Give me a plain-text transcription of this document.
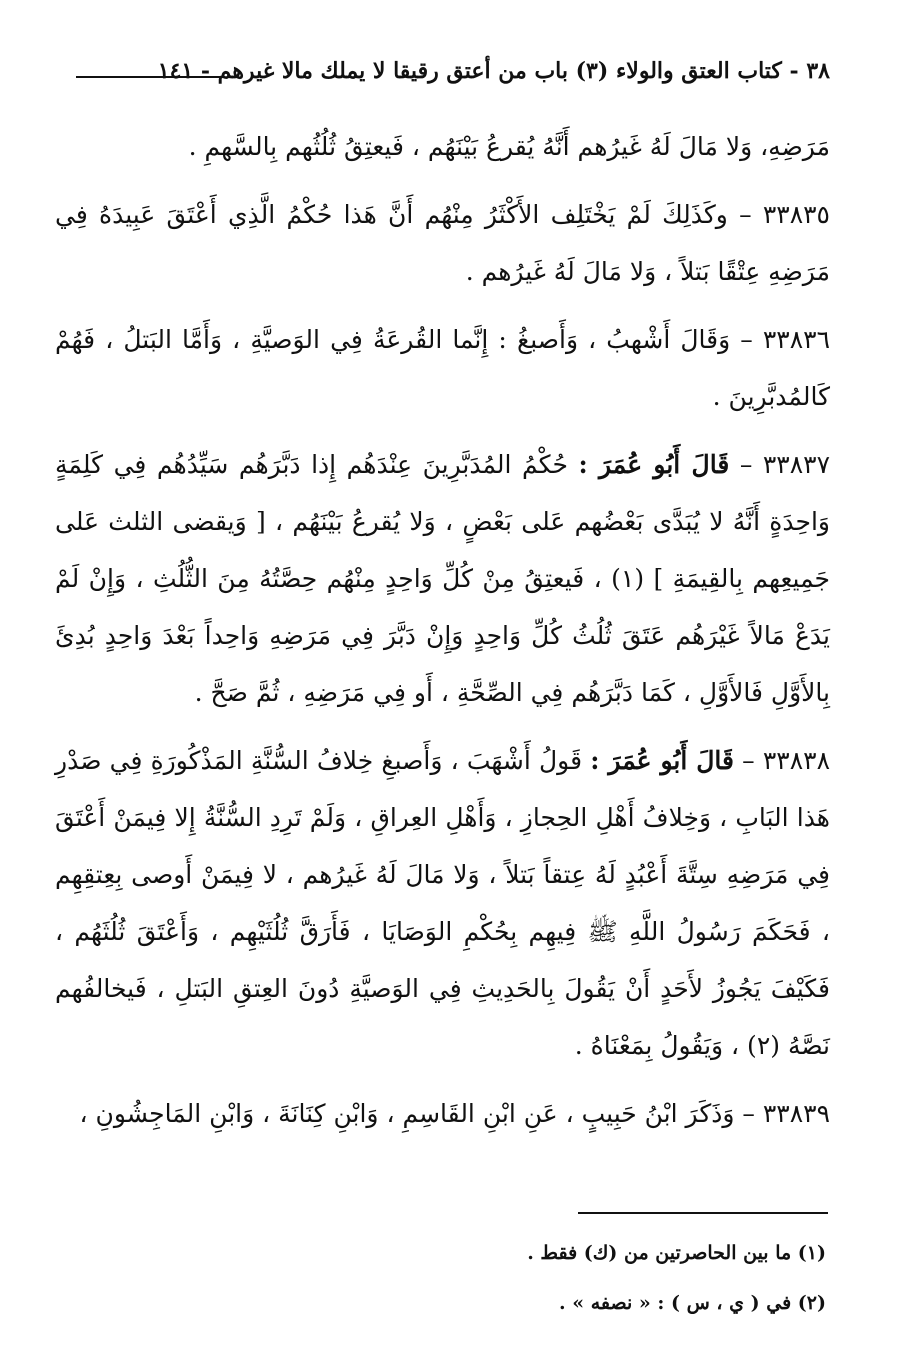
٣٨ - كتاب العتق والولاء (٣) باب من أعتق رقيقا لا يملك مالا غيرهم - ١٤١

مَرَضِهِ، وَلا مَالَ لَهُ غَيرُهم أَنَّهُ يُقرعُ بَيْنَهُم ، فَيعتِقُ ثُلُثُهم بِالسَّهمِ .

٣٣٨٣٥ – وكَذَلِكَ لَمْ يَخْتَلِف الأَكْثَرُ مِنْهُم أَنَّ هَذا حُكْمُ الَّذِي أَعْتَقَ عَبِيدَهُ فِي مَرَضِهِ عِتْقًا بَتلاً ، وَلا مَالَ لَهُ غَيرُهم .

٣٣٨٣٦ – وَقَالَ أَشْهبُ ، وَأَصبغُ : إِنَّما القُرعَةُ فِي الوَصيَّةِ ، وَأَمَّا البَتلُ ، فَهُمْ كَالمُدبَّرِينَ .

٣٣٨٣٧ – قَالَ أَبُو عُمَرَ : حُكْمُ المُدَبَّرِينَ عِنْدَهُم إِذا دَبَّرَهُم سَيِّدُهُم فِي كَلِمَةٍ وَاحِدَةٍ أَنَّهُ لا يُبَدَّى بَعْضُهم عَلى بَعْضٍ ، وَلا يُقرعُ بَيْنَهُم ، [ وَيقضى الثلث عَلى جَمِيعِهم بِالقِيمَةِ ] (١) ، فَيعتِقُ مِنْ كُلِّ وَاحِدٍ مِنْهُم حِصَّتُهُ مِنَ الثُّلُثِ ، وَإِنْ لَمْ يَدَعْ مَالاً غَيْرَهُم عَتَقَ ثُلُثُ كُلِّ وَاحِدٍ وَإِنْ دَبَّرَ فِي مَرَضِهِ وَاحِداً بَعْدَ وَاحِدٍ بُدِئَ بِالأَوَّلِ فَالأَوَّلِ ، كَمَا دَبَّرَهُم فِي الصِّحَّةِ ، أَو فِي مَرَضِهِ ، ثُمَّ صَحَّ .

٣٣٨٣٨ – قَالَ أَبُو عُمَرَ : قَولُ أَشْهَبَ ، وَأَصبغِ خِلافُ السُّنَّةِ المَذْكُورَةِ فِي صَدْرِ هَذا البَابِ ، وَخِلافُ أَهْلِ الحِجازِ ، وَأَهْلِ العِراقِ ، وَلَمْ تَرِدِ السُّنَّةُ إِلا فِيمَنْ أَعْتَقَ فِي مَرَضِهِ سِتَّةَ أَعْبُدٍ لَهُ عِتقاً بَتلاً ، وَلا مَالَ لَهُ غَيرُهم ، لا فِيمَنْ أَوصى بِعِتقِهِم ، فَحَكَمَ رَسُولُ اللَّهِ ﷺ فِيهِم بِحُكْمِ الوَصَايَا ، فَأَرَقَّ ثُلُثَيْهِم ، وَأَعْتَقَ ثُلُثَهُم ، فَكَيْفَ يَجُوزُ لأَحَدٍ أَنْ يَقُولَ بِالحَدِيثِ فِي الوَصيَّةِ دُونَ العِتقِ البَتلِ ، فَيخالفُهم نَصَّهُ (٢) ، وَيَقُولُ بِمَعْنَاهُ .

٣٣٨٣٩ – وَذَكَرَ ابْنُ حَبِيبٍ ، عَنِ ابْنِ القَاسِمِ ، وَابْنِ كِنَانَةَ ، وَابْنِ المَاجِشُونِ ،

(١) ما بين الحاصرتين من (ك) فقط .

(٢) في ( ي ، س ) : « نصفه » .
